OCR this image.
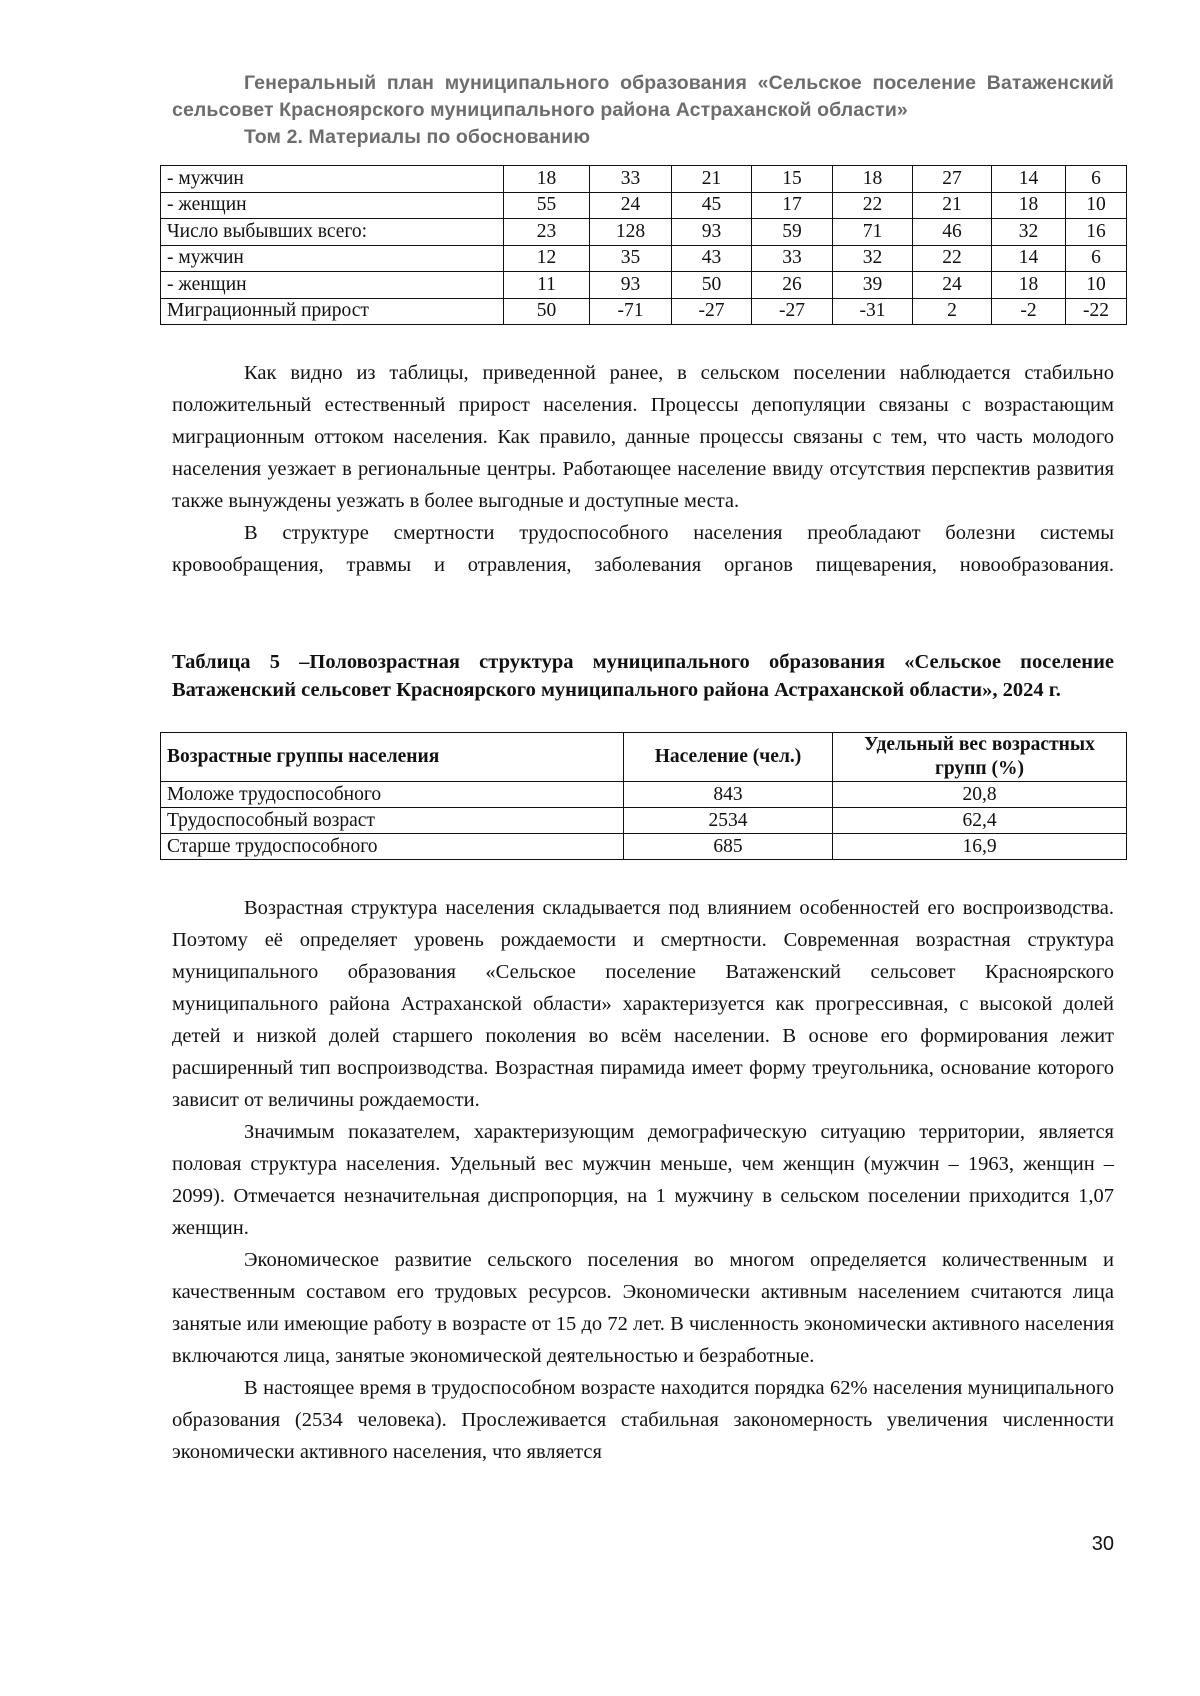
Генеральный план муниципального образования «Сельское поселение Ватаженский сельсовет Красноярского муниципального района Астраханской области»
Том 2. Материалы по обоснованию
- мужчин	18	33	21	15	18	27	14	6
- женщин	55	24	45	17	22	21	18	10
Число выбывших всего:	23	128	93	59	71	46	32	16
- мужчин	12	35	43	33	32	22	14	6
- женщин	11	93	50	26	39	24	18	10
Миграционный прирост	50	-71	-27	-27	-31	2	-2	-22

Как видно из таблицы, приведенной ранее, в сельском поселении наблюдается стабильно положительный естественный прирост населения. Процессы депопуляции связаны с возрастающим миграционным оттоком населения. Как правило, данные процессы связаны с тем, что часть молодого населения уезжает в региональные центры. Работающее население ввиду отсутствия перспектив развития также вынуждены уезжать в более выгодные и доступные места.

В структуре смертности трудоспособного населения преобладают болезни системы кровообращения, травмы и отравления, заболевания органов пищеварения, новообразования.

Таблица 5 –Половозрастная структура муниципального образования «Сельское поселение Ватаженский сельсовет Красноярского муниципального района Астраханской области», 2024 г.
Возрастные группы населения	Население (чел.)	Удельный вес возрастных групп (%)
Моложе трудоспособного	843	20,8
Трудоспособный возраст	2534	62,4
Старше трудоспособного	685	16,9

Возрастная структура населения складывается под влиянием особенностей его воспроизводства. Поэтому её определяет уровень рождаемости и смертности. Современная возрастная структура муниципального образования «Сельское поселение Ватаженский сельсовет Красноярского муниципального района Астраханской области» характеризуется как прогрессивная, с высокой долей детей и низкой долей старшего поколения во всём населении. В основе его формирования лежит расширенный тип воспроизводства. Возрастная пирамида имеет форму треугольника, основание которого зависит от величины рождаемости.

Значимым показателем, характеризующим демографическую ситуацию территории, является половая структура населения. Удельный вес мужчин меньше, чем женщин (мужчин – 1963, женщин – 2099). Отмечается незначительная диспропорция, на 1 мужчину в сельском поселении приходится 1,07 женщин.

Экономическое развитие сельского поселения во многом определяется количественным и качественным составом его трудовых ресурсов. Экономически активным населением считаются лица занятые или имеющие работу в возрасте от 15 до 72 лет. В численность экономически активного населения включаются лица, занятые экономической деятельностью и безработные.

В настоящее время в трудоспособном возрасте находится порядка 62% населения муниципального образования (2534 человека). Прослеживается стабильная закономерность увеличения численности экономически активного населения, что является

30
